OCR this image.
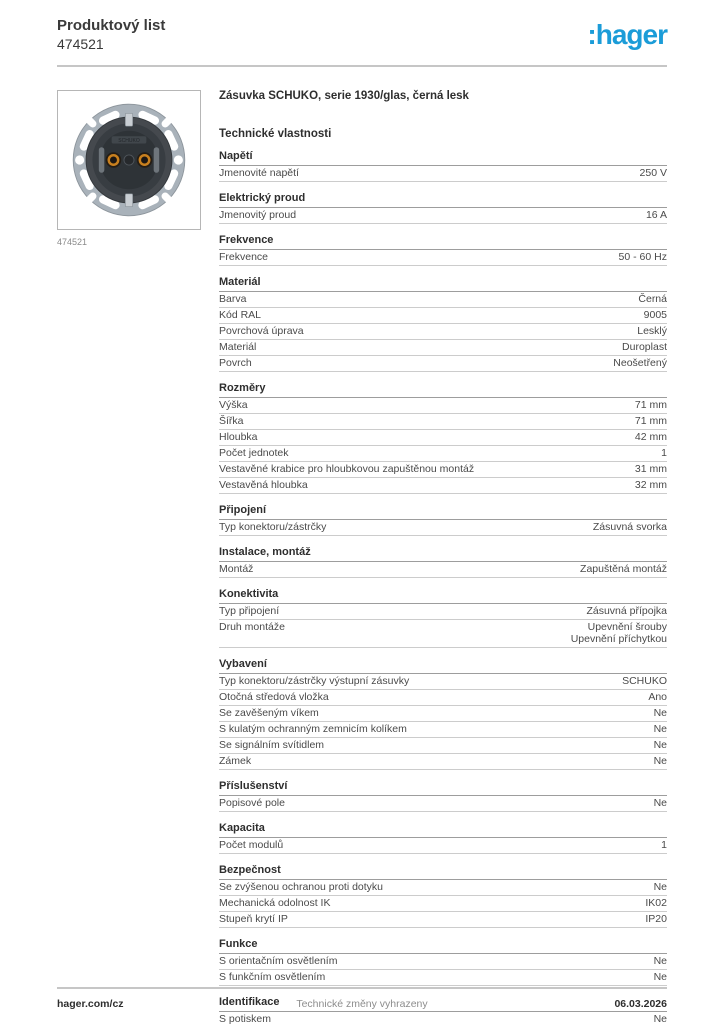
Produktový list
474521	:hager
SCHUKO
474521
Zásuvka SCHUKO, serie 1930/glas, černá lesk
Technické vlastnosti
Napětí
Jmenovité napětí	250 V
Elektrický proud
Jmenovitý proud	16 A
Frekvence
Frekvence	50 - 60 Hz
Materiál
Barva	Černá
Kód RAL	9005
Povrchová úprava	Lesklý
Materiál	Duroplast
Povrch	Neošetřený
Rozměry
Výška	71 mm
Šířka	71 mm
Hloubka	42 mm
Počet jednotek	1
Vestavěné krabice pro hloubkovou zapuštěnou montáž	31 mm
Vestavěná hloubka	32 mm
Připojení
Typ konektoru/zástrčky	Zásuvná svorka
Instalace, montáž
Montáž	Zapuštěná montáž
Konektivita
Typ připojení	Zásuvná přípojka
Druh montáže	Upevnění šrouby
Upevnění příchytkou
Vybavení
Typ konektoru/zástrčky výstupní zásuvky	SCHUKO
Otočná středová vložka	Ano
Se zavěšeným víkem	Ne
S kulatým ochranným zemnicím kolíkem	Ne
Se signálním svítidlem	Ne
Zámek	Ne
Příslušenství
Popisové pole	Ne
Kapacita
Počet modulů	1
Bezpečnost
Se zvýšenou ochranou proti dotyku	Ne
Mechanická odolnost IK	IK02
Stupeň krytí IP	IP20
Funkce
S orientačním osvětlením	Ne
S funkčním osvětlením	Ne
Identifikace
S potiskem	Ne
hager.com/cz	Technické změny vyhrazeny	06.03.2026
